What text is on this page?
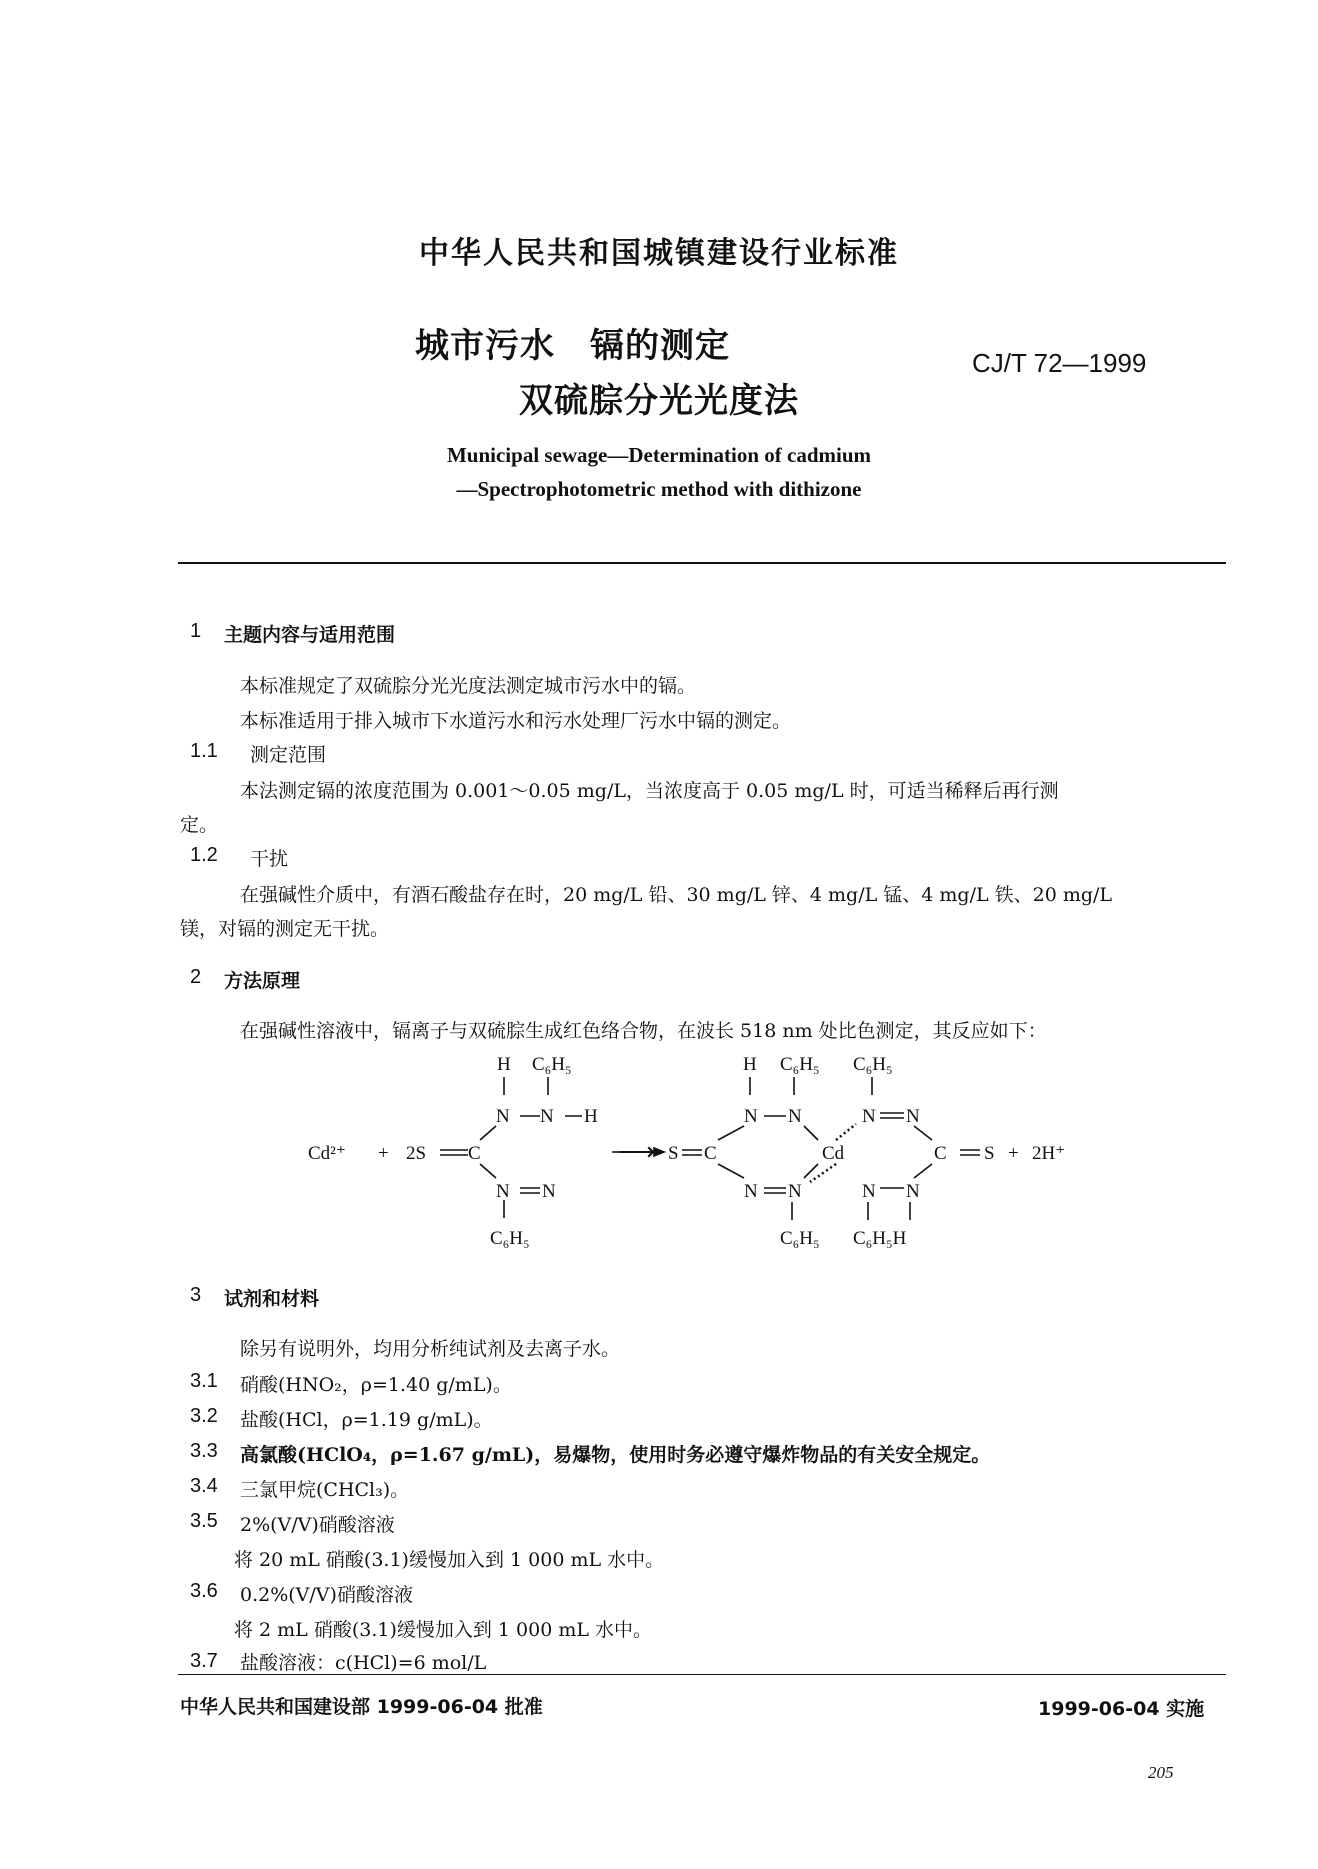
中华人民共和国城镇建设行业标准
城市污水　镉的测定
双硫腙分光光度法
CJ/T 72—1999
Municipal sewage—Determination of cadmium
—Spectrophotometric method with dithizone
1 主题内容与适用范围
本标准规定了双硫腙分光光度法测定城市污水中的镉。
本标准适用于排入城市下水道污水和污水处理厂污水中镉的测定。
1.1 测定范围
本法测定镉的浓度范围为 0.001～0.05 mg/L，当浓度高于 0.05 mg/L 时，可适当稀释后再行测
定。
1.2 干扰
在强碱性介质中，有酒石酸盐存在时，20 mg/L 铅、30 mg/L 锌、4 mg/L 锰、4 mg/L 铁、20 mg/L
镁，对镉的测定无干扰。
2 方法原理
在强碱性溶液中，镉离子与双硫腙生成红色络合物，在波长 518 nm 处比色测定，其反应如下：
Cd²⁺ + 2S C
H C₆H₅
N N H
N N
C₆H₅
S C
H C₆H₅ C₆H₅
N N	N N
Cd	C S + 2H⁺
N N	N N
C₆H₅ C₆H₅H
⟶
3 试剂和材料
除另有说明外，均用分析纯试剂及去离子水。
3.1 硝酸(HNO₂，ρ=1.40 g/mL)。
3.2 盐酸(HCl，ρ=1.19 g/mL)。
3.3 高氯酸(HClO₄，ρ=1.67 g/mL)，易爆物，使用时务必遵守爆炸物品的有关安全规定。
3.4 三氯甲烷(CHCl₃)。
3.5 2%(V/V)硝酸溶液
将 20 mL 硝酸(3.1)缓慢加入到 1 000 mL 水中。
3.6 0.2%(V/V)硝酸溶液
将 2 mL 硝酸(3.1)缓慢加入到 1 000 mL 水中。
3.7 盐酸溶液：c(HCl)=6 mol/L
中华人民共和国建设部 1999-06-04 批准	1999-06-04 实施
205
